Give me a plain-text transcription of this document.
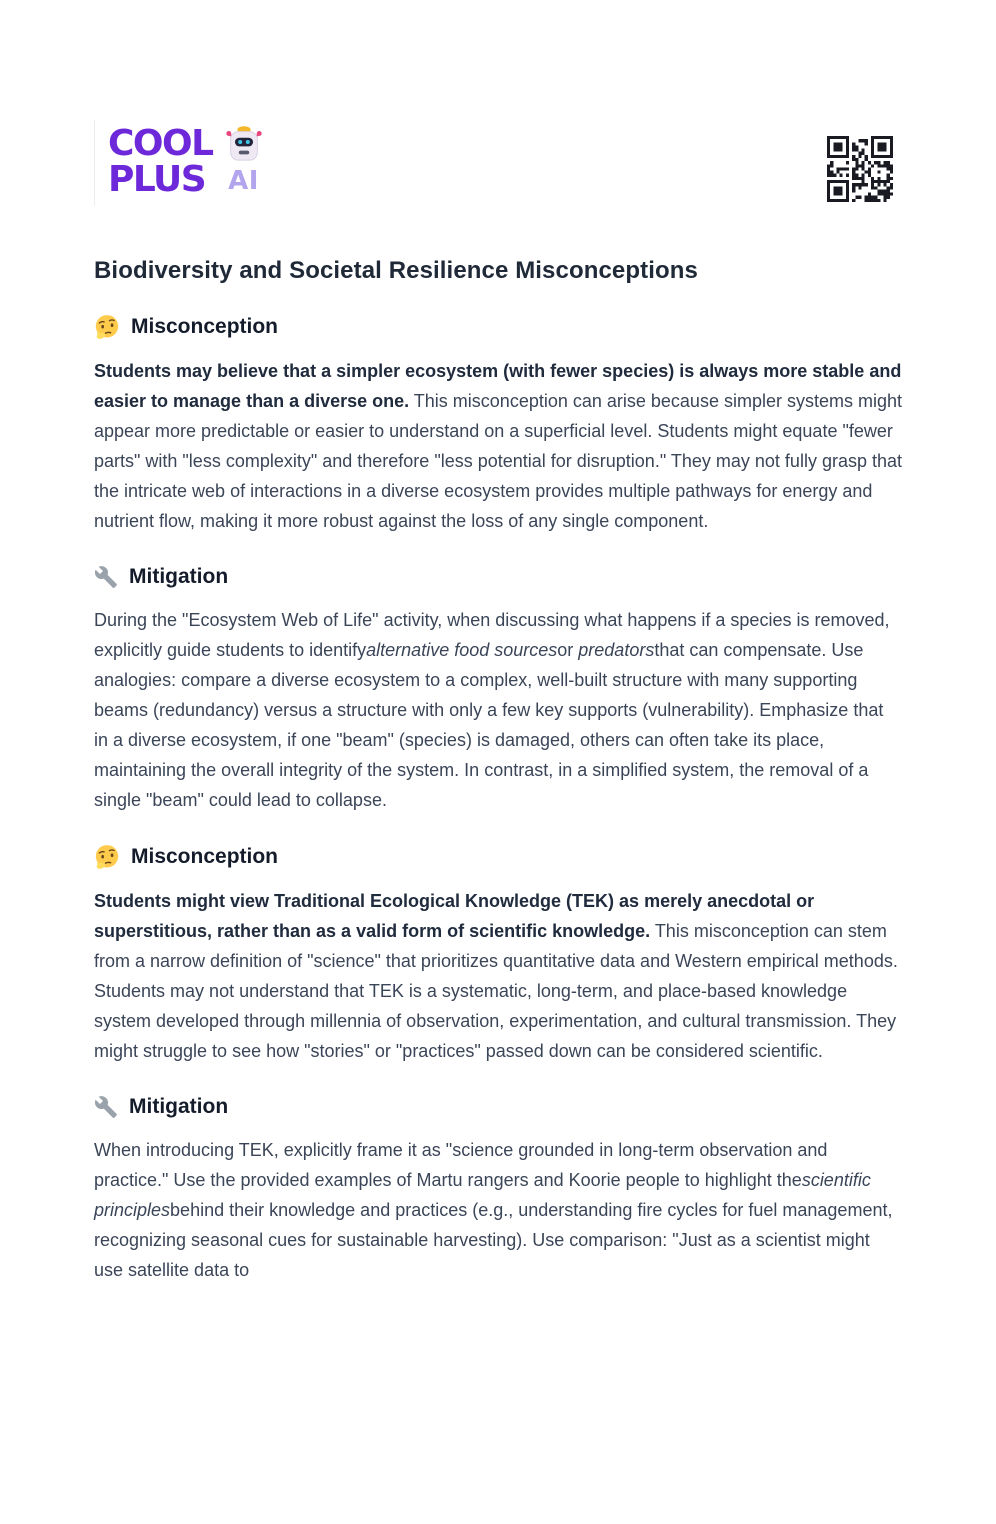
COOL
PLUS AI
Biodiversity and Societal Resilience Misconceptions
Misconception

Students may believe that a simpler ecosystem (with fewer species) is always more stable and easier to manage than a diverse one. This misconception can arise because simpler systems might appear more predictable or easier to understand on a superficial level. Students might equate "fewer parts" with "less complexity" and therefore "less potential for disruption." They may not fully grasp that the intricate web of interactions in a diverse ecosystem provides multiple pathways for energy and nutrient flow, making it more robust against the loss of any single component.

Mitigation

During the "Ecosystem Web of Life" activity, when discussing what happens if a species is removed, explicitly guide students to identifyalternative food sourcesor predatorsthat can compensate. Use analogies: compare a diverse ecosystem to a complex, well-built structure with many supporting beams (redundancy) versus a structure with only a few key supports (vulnerability). Emphasize that in a diverse ecosystem, if one "beam" (species) is damaged, others can often take its place, maintaining the overall integrity of the system. In contrast, in a simplified system, the removal of a single "beam" could lead to collapse.

Misconception

Students might view Traditional Ecological Knowledge (TEK) as merely anecdotal or superstitious, rather than as a valid form of scientific knowledge. This misconception can stem from a narrow definition of "science" that prioritizes quantitative data and Western empirical methods. Students may not understand that TEK is a systematic, long-term, and place-based knowledge system developed through millennia of observation, experimentation, and cultural transmission. They might struggle to see how "stories" or "practices" passed down can be considered scientific.

Mitigation

When introducing TEK, explicitly frame it as "science grounded in long-term observation and practice." Use the provided examples of Martu rangers and Koorie people to highlight thescientific principlesbehind their knowledge and practices (e.g., understanding fire cycles for fuel management, recognizing seasonal cues for sustainable harvesting). Use comparison: "Just as a scientist might use satellite data to
